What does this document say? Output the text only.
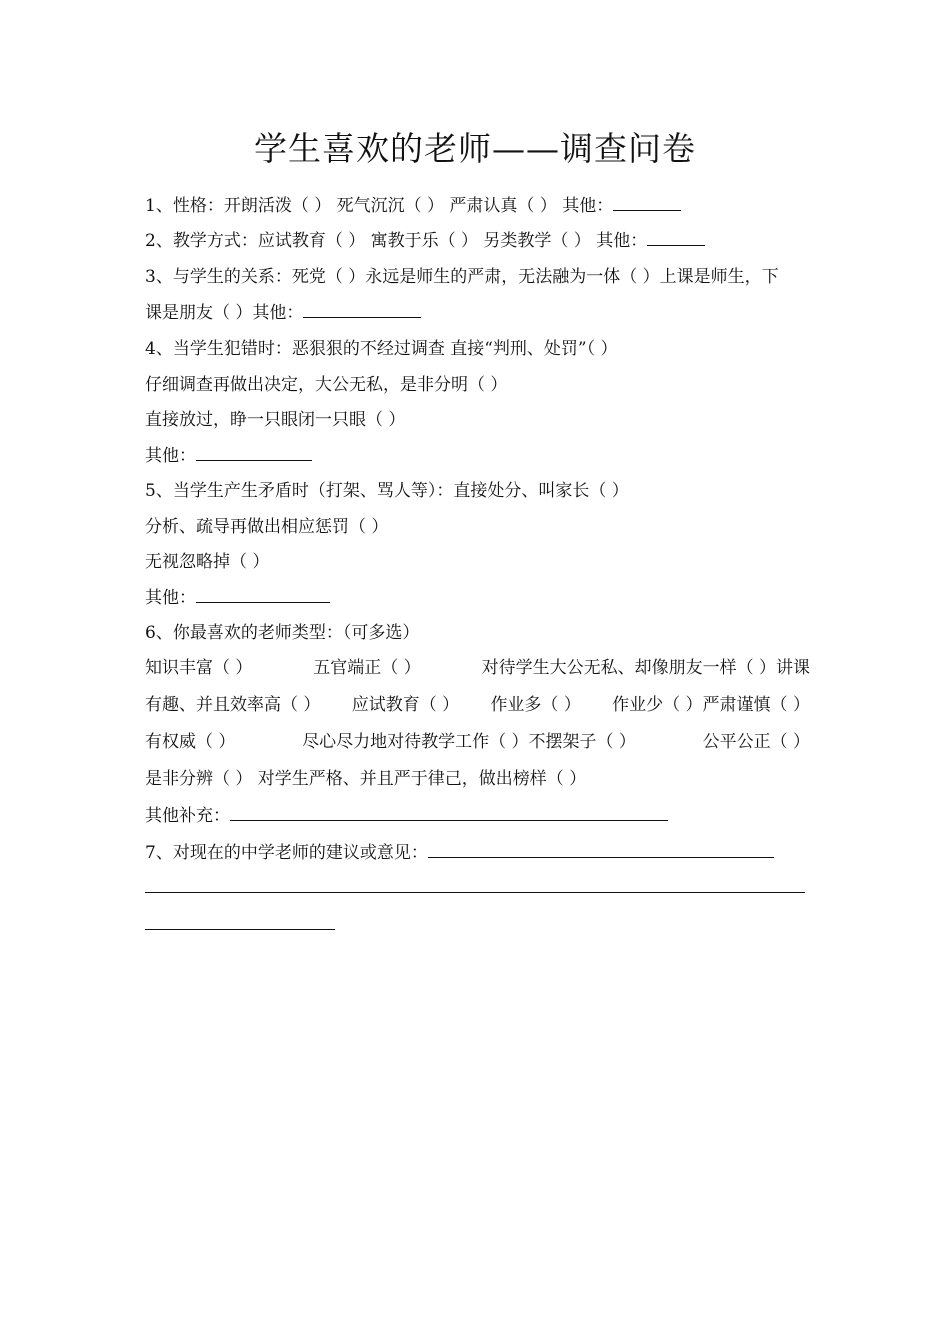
学生喜欢的老师——调查问卷
1、性格：开朗活泼（ ） 死气沉沉（ ） 严肃认真（ ） 其他：
2、教学方式：应试教育（ ） 寓教于乐（ ） 另类教学（ ） 其他：
3、与学生的关系：死党（ ）永远是师生的严肃，无法融为一体（ ）上课是师生，下
课是朋友（ ）其他：
4、当学生犯错时：恶狠狠的不经过调查 直接“判刑、处罚”（ ）
仔细调查再做出决定，大公无私，是非分明（ ）
直接放过，睁一只眼闭一只眼（ ）
其他：
5、当学生产生矛盾时（打架、骂人等）：直接处分、叫家长（ ）
分析、疏导再做出相应惩罚（ ）
无视忽略掉（ ）
其他：
6、你最喜欢的老师类型：（可多选）
知识丰富（ ）	五官端正（ ）	对待学生大公无私、却像朋友一样（ ）讲课
有趣、并且效率高（ ） 应试教育（ ） 作业多（ ） 作业少（ ）严肃谨慎（ ）
有权威（ ）	尽心尽力地对待教学工作（ ）不摆架子（ ）	公平公正（ ）
是非分辨（ ） 对学生严格、并且严于律己，做出榜样（ ）
其他补充：
7、对现在的中学老师的建议或意见：
